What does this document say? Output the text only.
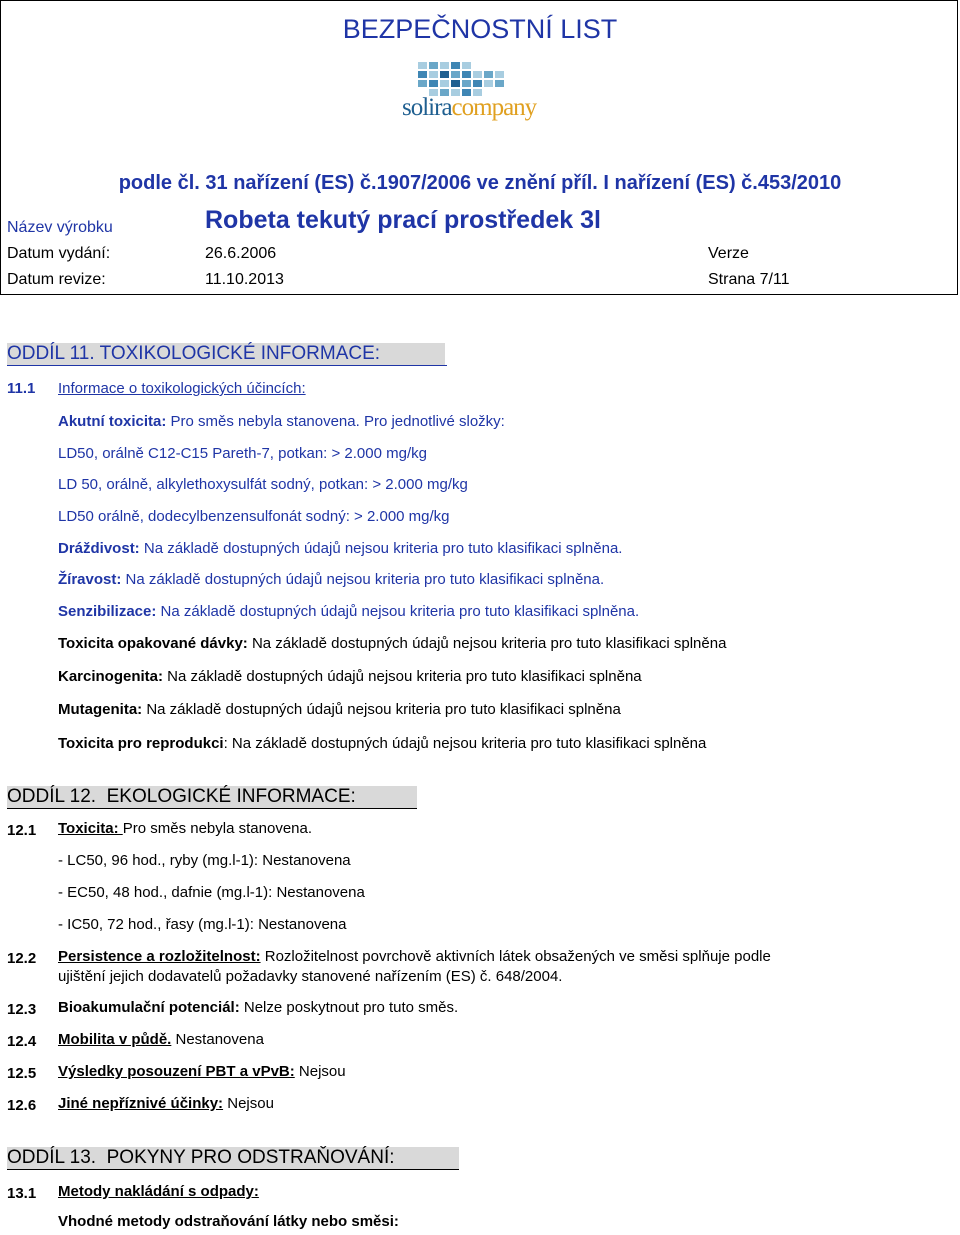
BEZPEČNOSTNÍ LIST
soliracompany
podle čl. 31 nařízení (ES) č.1907/2006 ve znění příl. I nařízení (ES) č.453/2010
Název výrobku	Robeta tekutý prací prostředek 3l
Datum vydání:	26.6.2006
Datum revize:	11.10.2013
Verze
Strana 7/11
ODDÍL 11. TOXIKOLOGICKÉ INFORMACE:
11.1 Informace o toxikologických účincích:
Akutní toxicita: Pro směs nebyla stanovena. Pro jednotlivé složky:
LD50, orálně C12-C15 Pareth-7, potkan: > 2.000 mg/kg
LD 50, orálně, alkylethoxysulfát sodný, potkan: > 2.000 mg/kg
LD50 orálně, dodecylbenzensulfonát sodný: > 2.000 mg/kg
Dráždivost: Na základě dostupných údajů nejsou kriteria pro tuto klasifikaci splněna.
Žíravost: Na základě dostupných údajů nejsou kriteria pro tuto klasifikaci splněna.
Senzibilizace: Na základě dostupných údajů nejsou kriteria pro tuto klasifikaci splněna.
Toxicita opakované dávky: Na základě dostupných údajů nejsou kriteria pro tuto klasifikaci splněna
Karcinogenita: Na základě dostupných údajů nejsou kriteria pro tuto klasifikaci splněna
Mutagenita: Na základě dostupných údajů nejsou kriteria pro tuto klasifikaci splněna
Toxicita pro reprodukci: Na základě dostupných údajů nejsou kriteria pro tuto klasifikaci splněna
ODDÍL 12. EKOLOGICKÉ INFORMACE:
12.1 Toxicita: Pro směs nebyla stanovena.
- LC50, 96 hod., ryby (mg.l-1): Nestanovena
- EC50, 48 hod., dafnie (mg.l-1): Nestanovena
- IC50, 72 hod., řasy (mg.l-1): Nestanovena
12.2 Persistence a rozložitelnost: Rozložitelnost povrchově aktivních látek obsažených ve směsi splňuje podle
ujištění jejich dodavatelů požadavky stanovené nařízením (ES) č. 648/2004.
12.3 Bioakumulační potenciál: Nelze poskytnout pro tuto směs.
12.4 Mobilita v půdě. Nestanovena
12.5 Výsledky posouzení PBT a vPvB: Nejsou
12.6 Jiné nepříznivé účinky: Nejsou
ODDÍL 13. POKYNY PRO ODSTRAŇOVÁNÍ:
13.1 Metody nakládání s odpady:
Vhodné metody odstraňování látky nebo směsi:
